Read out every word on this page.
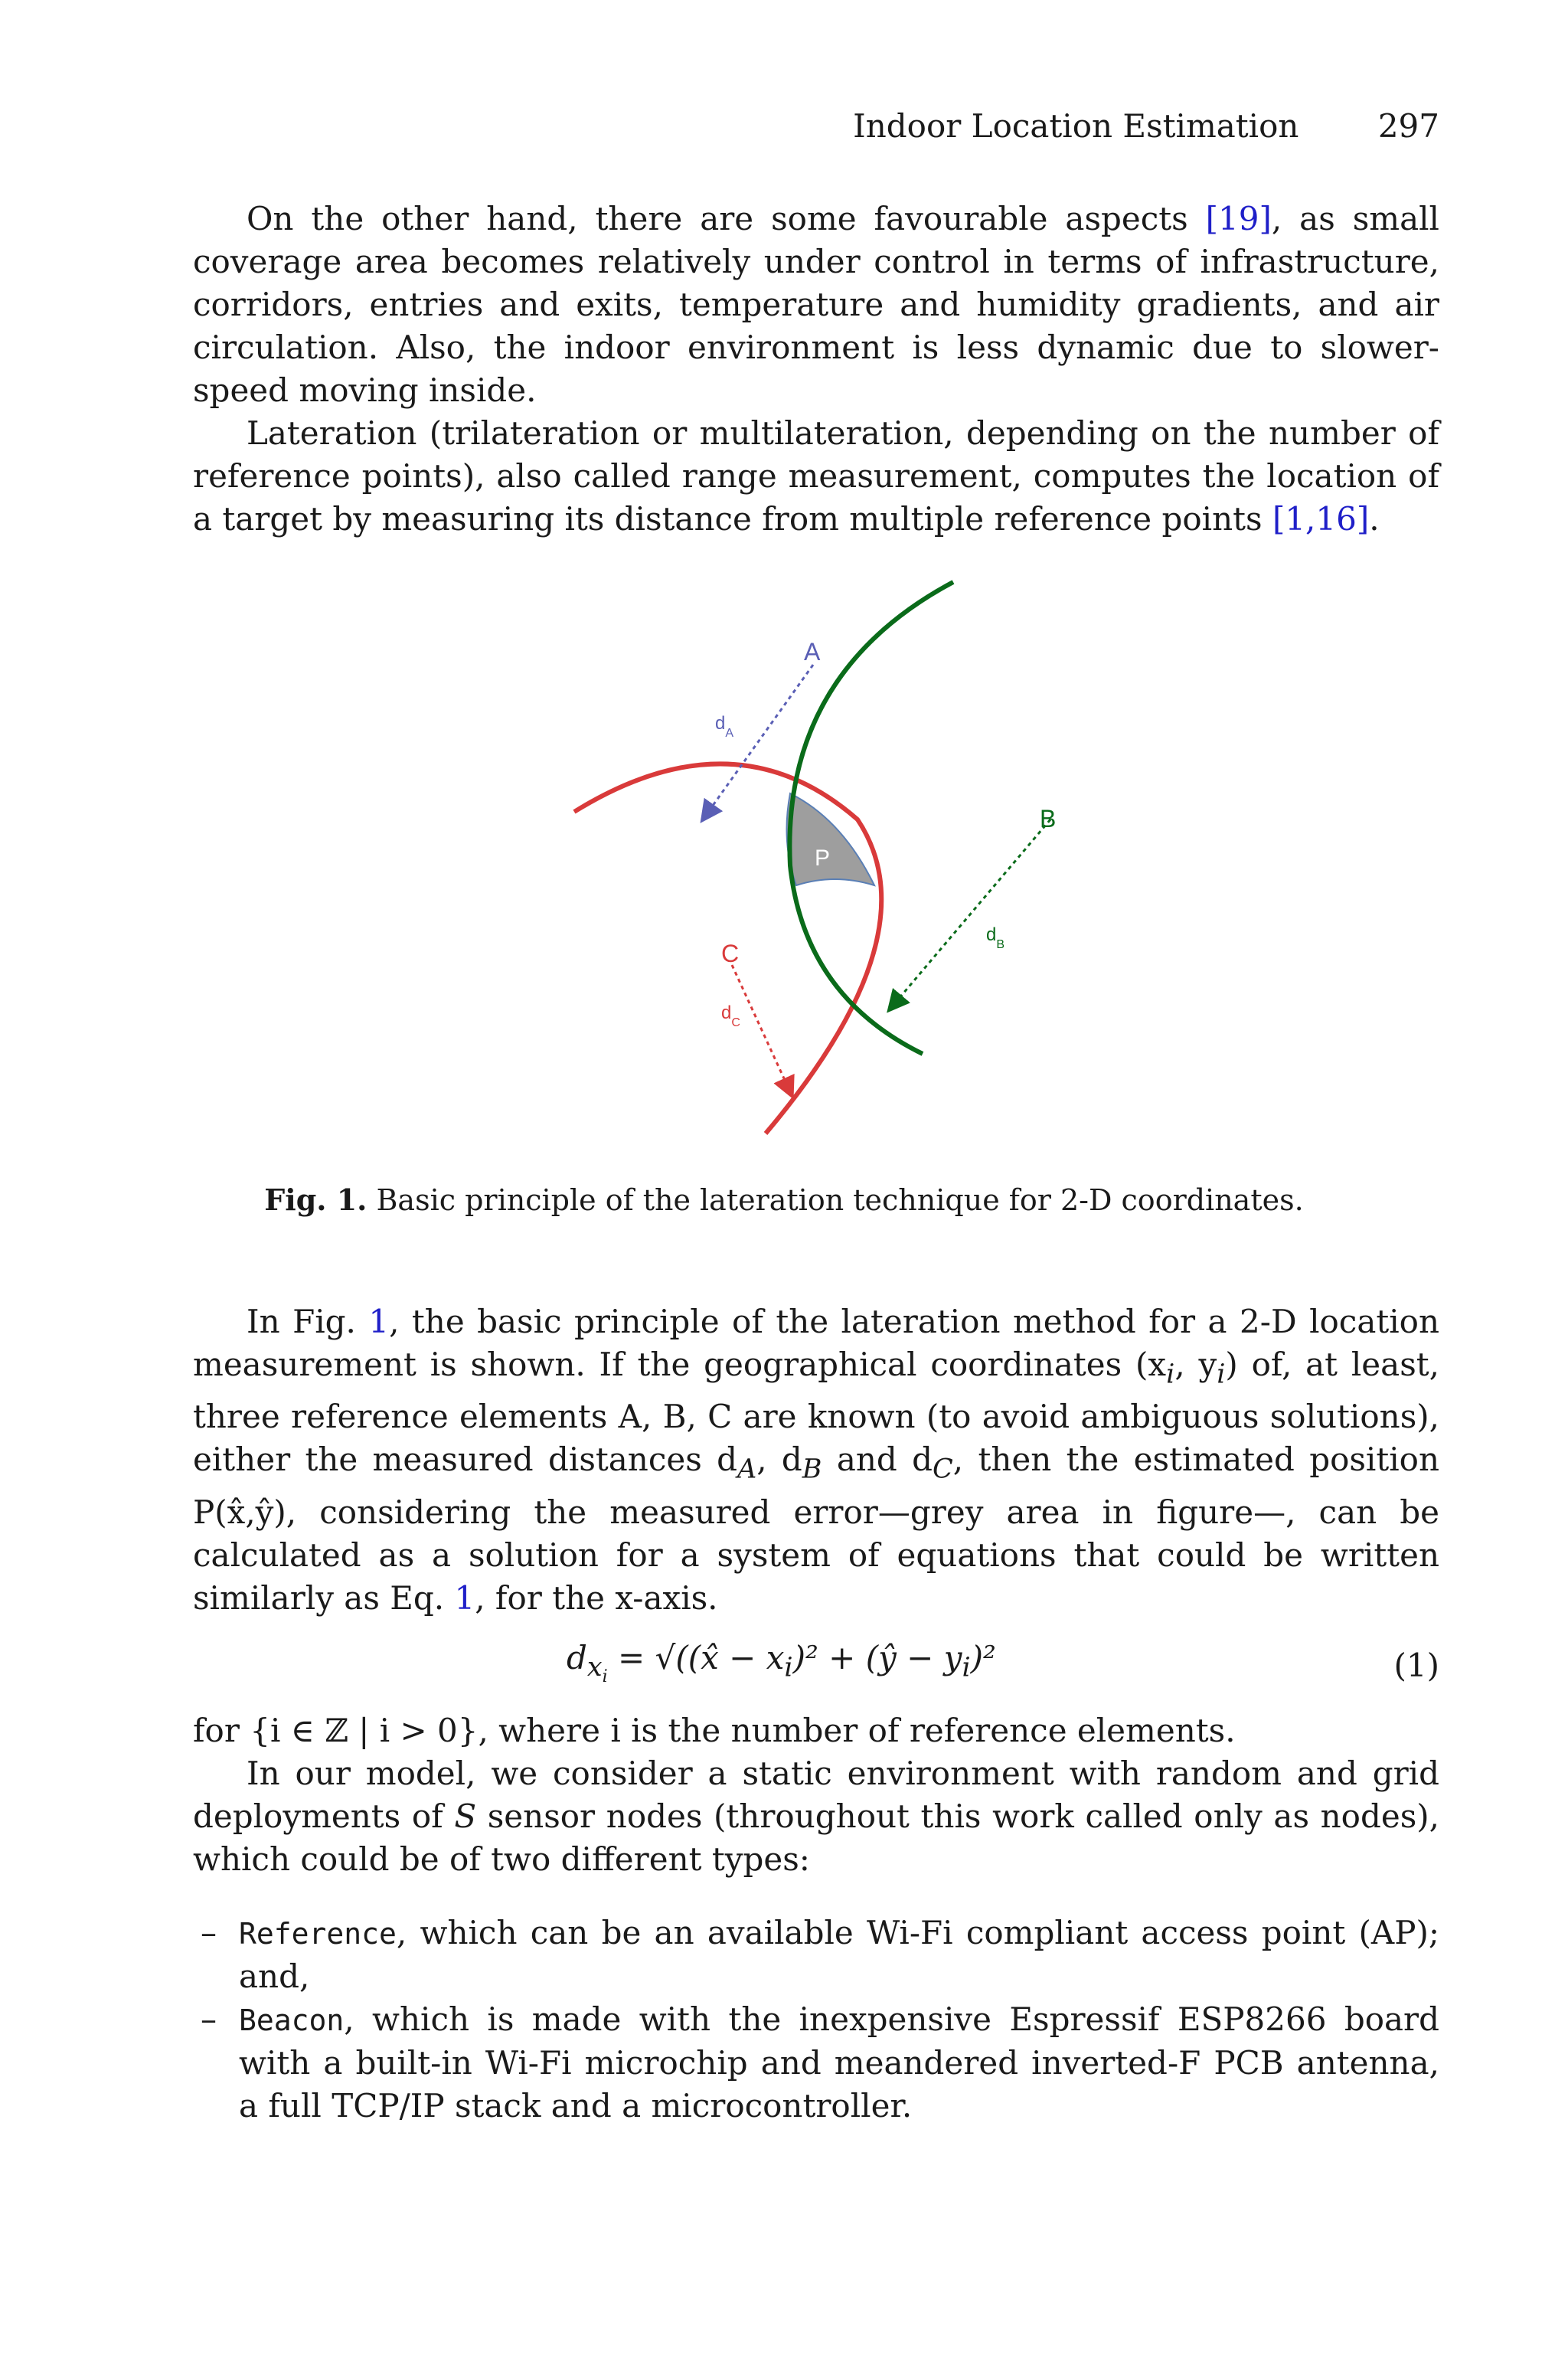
Indoor Location Estimation 297

On the other hand, there are some favourable aspects [19], as small coverage area becomes relatively under control in terms of infrastructure, corridors, entries and exits, temperature and humidity gradients, and air circulation. Also, the indoor environment is less dynamic due to slower-speed moving inside.

Lateration (trilateration or multilateration, depending on the number of reference points), also called range measurement, computes the location of a target by measuring its distance from multiple reference points [1,16].

A
B
C
P
$d_A$
$d_B$
$d_C$
Fig. 1. Basic principle of the lateration technique for 2-D coordinates.

In Fig. 1, the basic principle of the lateration method for a 2-D location measurement is shown. If the geographical coordinates ($x_i$, $y_i$) of, at least, three reference elements A, B, C are known (to avoid ambiguous solutions), either the measured distances $d_A$, $d_B$ and $d_C$, then the estimated position P(x̂,ŷ), considering the measured error—grey area in figure—, can be calculated as a solution for a system of equations that could be written similarly as Eq. 1, for the x-axis.

$d_{x_i}$ = √((x̂ − $x_i)^2$ + (ŷ − $y_i)^2$	(1)

for {i ∈ ℤ | i > 0}, where i is the number of reference elements.

In our model, we consider a static environment with random and grid deployments of S sensor nodes (throughout this work called only as nodes), which could be of two different types:

– Reference, which can be an available Wi-Fi compliant access point (AP); and,
– Beacon, which is made with the inexpensive Espressif ESP8266 board with a built-in Wi-Fi microchip and meandered inverted-F PCB antenna, a full TCP/IP stack and a microcontroller.
